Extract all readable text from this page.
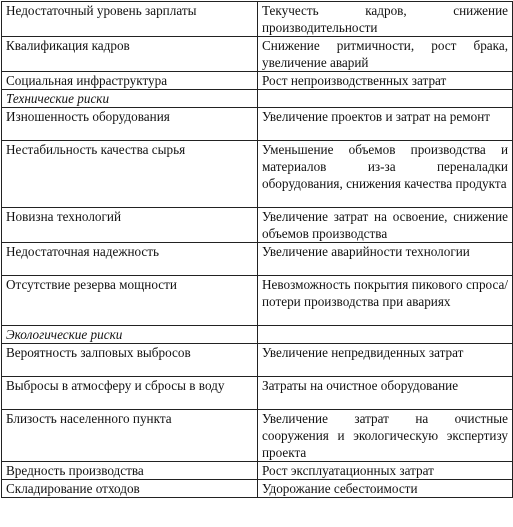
Недостаточный уровень зарплаты	Текучесть кадров, снижение производительности
Квалификация кадров	Снижение ритмичности, рост брака, увеличение аварий
Социальная инфраструктура	Рост непроизводственных затрат
Технические риски	
Изношенность оборудования	Увеличение проектов и затрат на ремонт
Нестабильность качества сырья	Уменьшение объемов производства и материалов из-за переналадки оборудования, снижения качества продукта
Новизна технологий	Увеличение затрат на освоение, снижение объемов производства
Недостаточная надежность	Увеличение аварийности технологии
Отсутствие резерва мощности	Невозможность покрытия пикового спроса/ потери производства при авариях
Экологические риски	
Вероятность залповых выбросов	Увеличение непредвиденных затрат
Выбросы в атмосферу и сбросы в воду	Затраты на очистное оборудование
Близость населенного пункта	Увеличение затрат на очистные сооружения и экологическую экспертизу проекта
Вредность производства	Рост эксплуатационных затрат
Складирование отходов	Удорожание себестоимости
